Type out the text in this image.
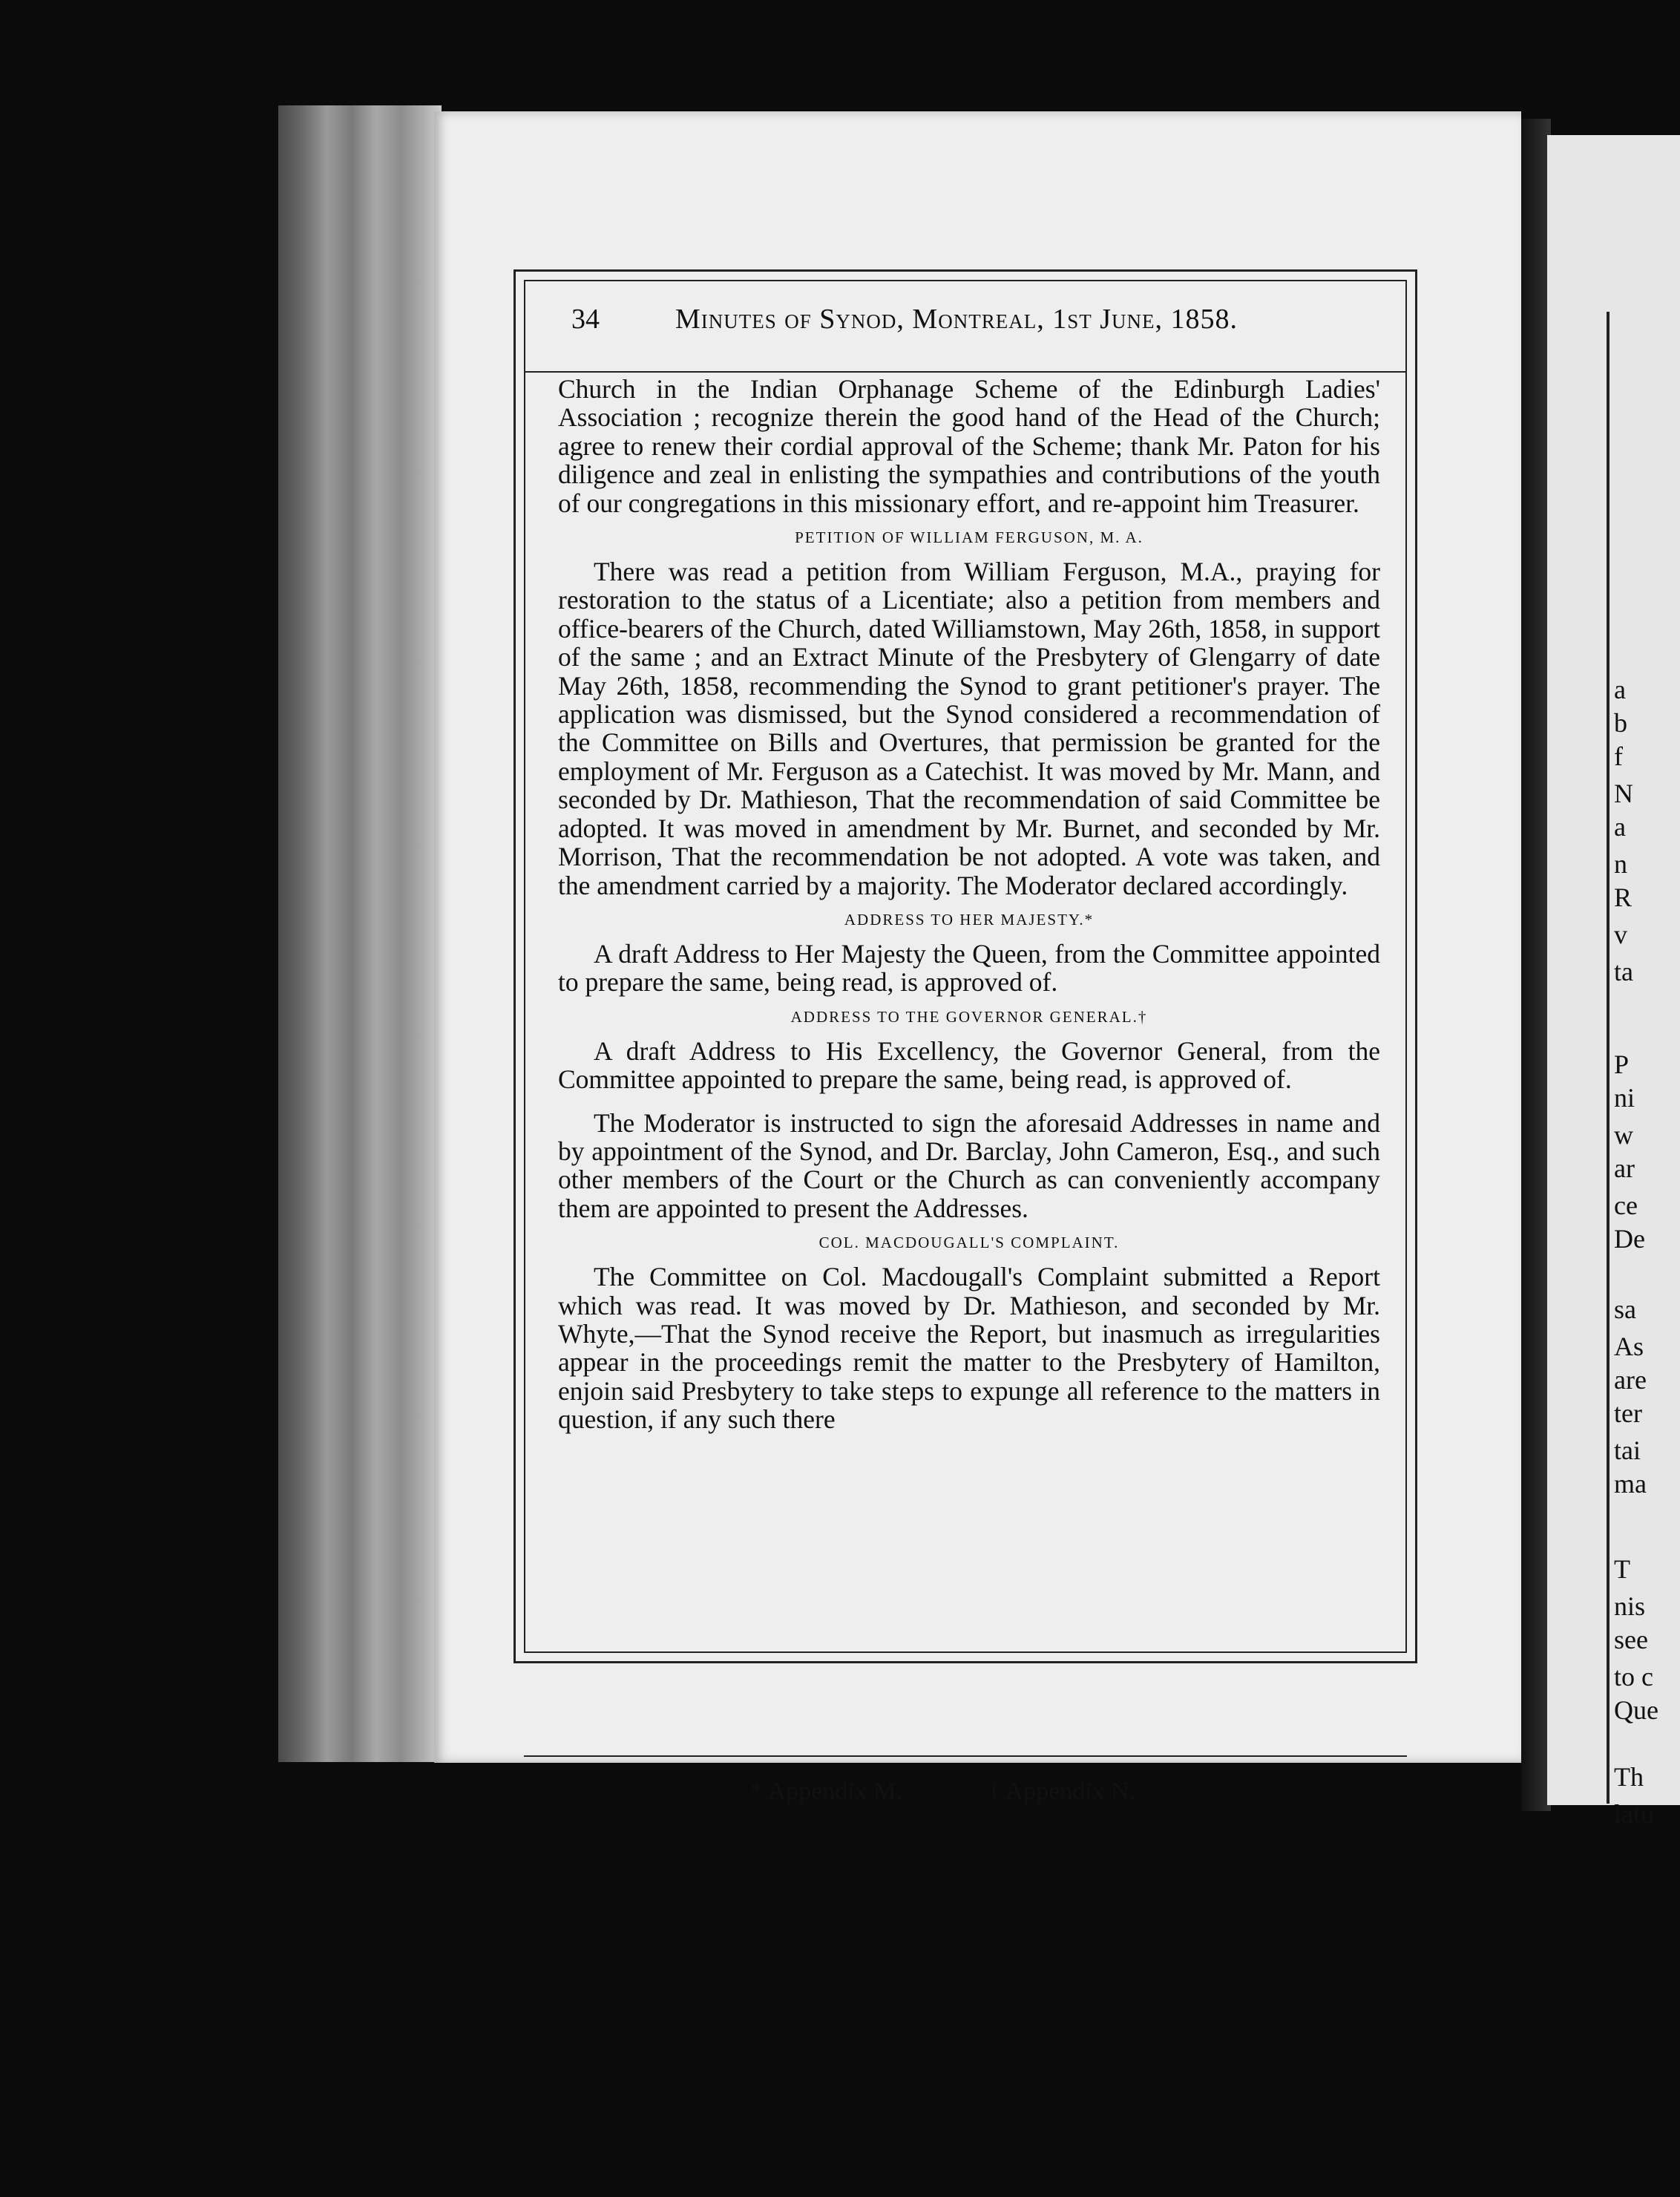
a
b
f
N
a
n
R
v
ta
P
ni
w
ar
ce
De
sa
As
are
ter
tai
ma
T
nis
see
to c
Que
Th
latu
34	Minutes of Synod, Montreal, 1st June, 1858.

Church in the Indian Orphanage Scheme of the Edinburgh Ladies' Association ; recognize therein the good hand of the Head of the Church; agree to renew their cordial approval of the Scheme; thank Mr. Paton for his diligence and zeal in enlisting the sympathies and contributions of the youth of our congregations in this missionary effort, and re-appoint him Treasurer.

PETITION OF WILLIAM FERGUSON, M. A.

There was read a petition from William Ferguson, M.A., praying for restoration to the status of a Licentiate; also a petition from members and office-bearers of the Church, dated Williamstown, May 26th, 1858, in support of the same ; and an Extract Minute of the Presbytery of Glengarry of date May 26th, 1858, recommending the Synod to grant petitioner's prayer. The application was dismissed, but the Synod considered a recommendation of the Committee on Bills and Overtures, that permission be granted for the employment of Mr. Ferguson as a Catechist. It was moved by Mr. Mann, and seconded by Dr. Mathieson, That the recommendation of said Committee be adopted. It was moved in amendment by Mr. Burnet, and seconded by Mr. Morrison, That the recommendation be not adopted. A vote was taken, and the amendment carried by a majority. The Moderator declared accordingly.

ADDRESS TO HER MAJESTY.*

A draft Address to Her Majesty the Queen, from the Committee appointed to prepare the same, being read, is approved of.

ADDRESS TO THE GOVERNOR GENERAL.†

A draft Address to His Excellency, the Governor General, from the Committee appointed to prepare the same, being read, is approved of.

The Moderator is instructed to sign the aforesaid Addresses in name and by appointment of the Synod, and Dr. Barclay, John Cameron, Esq., and such other members of the Court or the Church as can conveniently accompany them are appointed to present the Addresses.

COL. MACDOUGALL'S COMPLAINT.

The Committee on Col. Macdougall's Complaint submitted a Report which was read. It was moved by Dr. Mathieson, and seconded by Mr. Whyte,—That the Synod receive the Report, but inasmuch as irregularities appear in the proceedings remit the matter to the Presbytery of Hamilton, enjoin said Presbytery to take steps to expunge all reference to the matters in question, if any such there

* Appendix M.	† Appendix N.
